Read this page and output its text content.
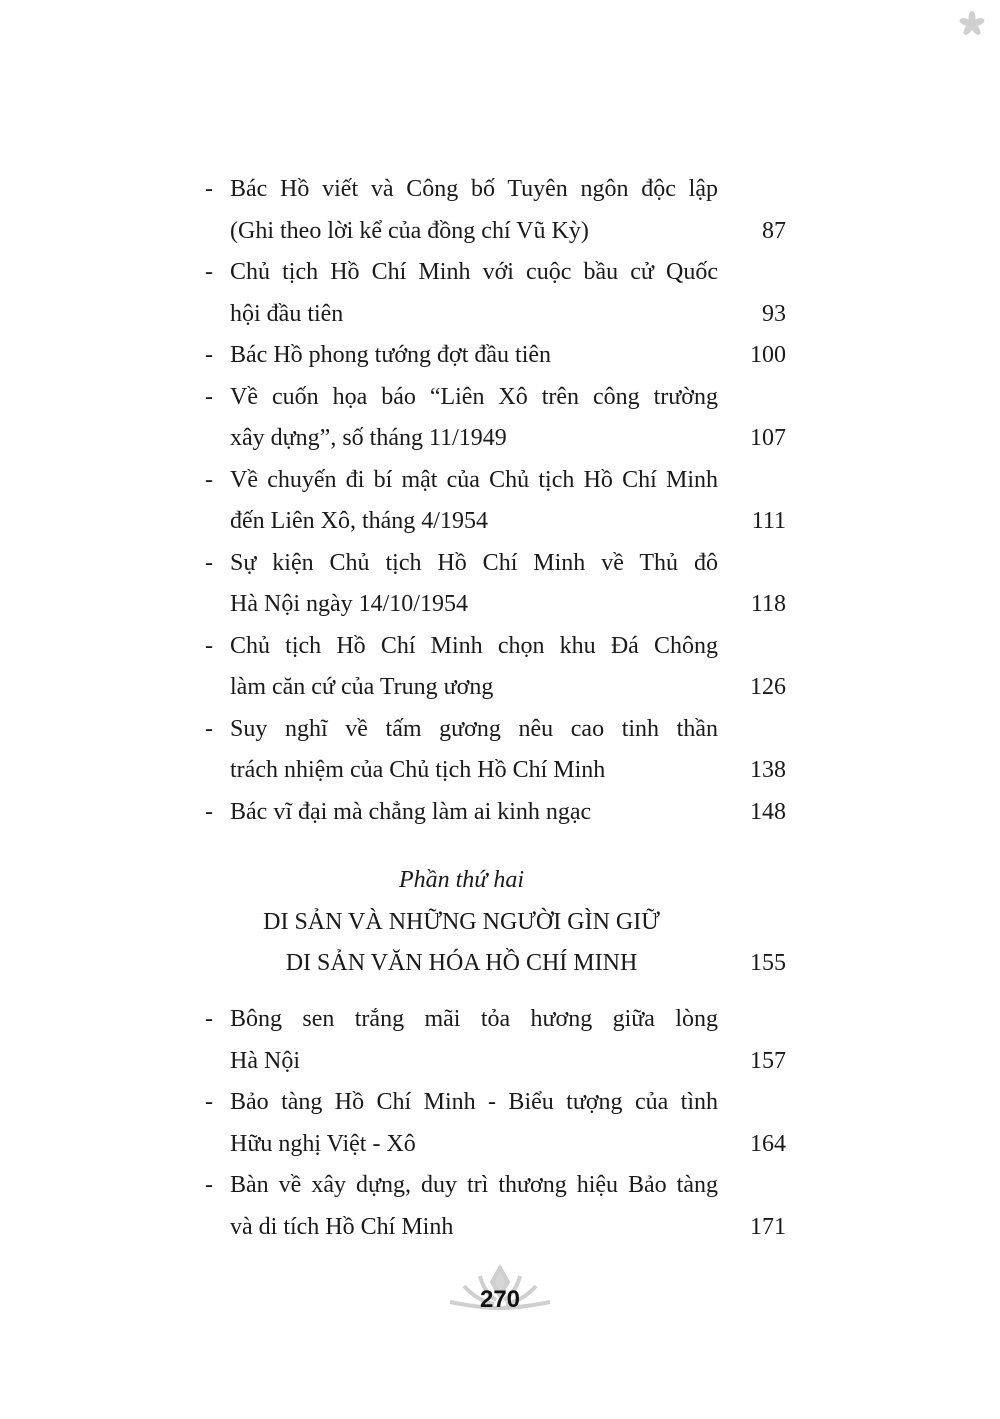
- Bác Hồ viết và Công bố Tuyên ngôn độc lập
(Ghi theo lời kể của đồng chí Vũ Kỳ)	87
- Chủ tịch Hồ Chí Minh với cuộc bầu cử Quốc
hội đầu tiên	93
- Bác Hồ phong tướng đợt đầu tiên	100
- Về cuốn họa báo “Liên Xô trên công trường
xây dựng”, số tháng 11/1949	107
- Về chuyến đi bí mật của Chủ tịch Hồ Chí Minh
đến Liên Xô, tháng 4/1954	111
- Sự kiện Chủ tịch Hồ Chí Minh về Thủ đô
Hà Nội ngày 14/10/1954	118
- Chủ tịch Hồ Chí Minh chọn khu Đá Chông
làm căn cứ của Trung ương	126
- Suy nghĩ về tấm gương nêu cao tinh thần
trách nhiệm của Chủ tịch Hồ Chí Minh	138
- Bác vĩ đại mà chẳng làm ai kinh ngạc	148
Phần thứ hai
DI SẢN VÀ NHỮNG NGƯỜI GÌN GIỮ
DI SẢN VĂN HÓA HỒ CHÍ MINH	155
- Bông sen trắng mãi tỏa hương giữa lòng
Hà Nội	157
- Bảo tàng Hồ Chí Minh - Biểu tượng của tình
Hữu nghị Việt - Xô	164
- Bàn về xây dựng, duy trì thương hiệu Bảo tàng
và di tích Hồ Chí Minh	171
270
